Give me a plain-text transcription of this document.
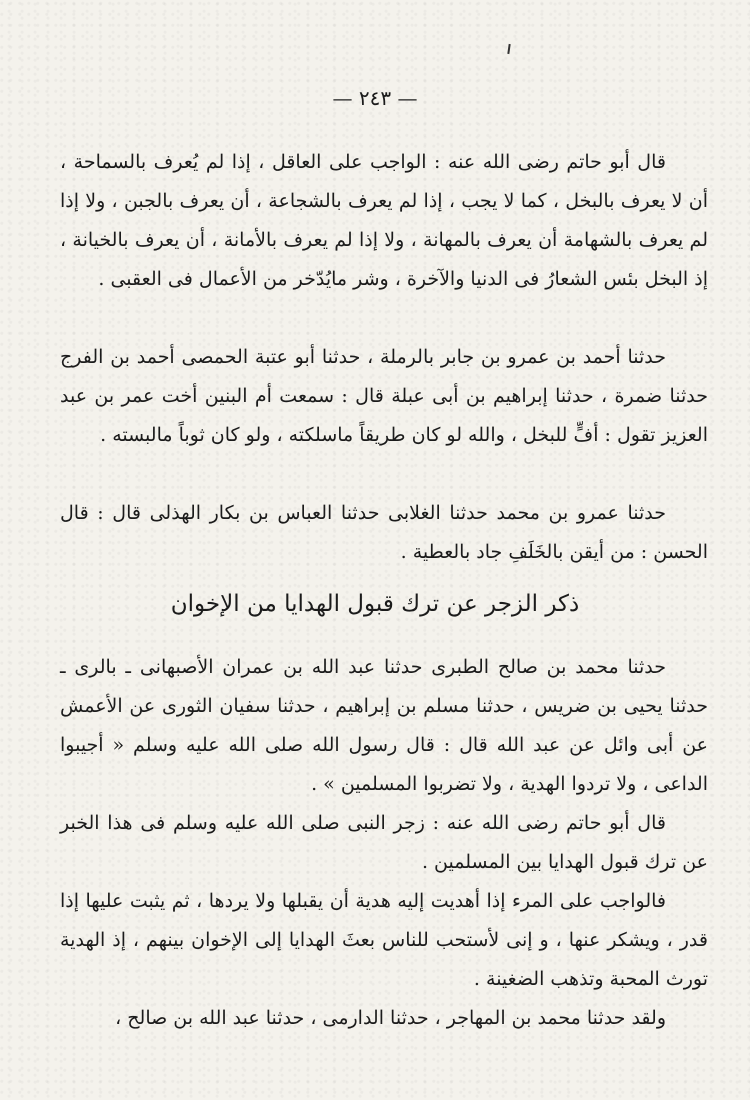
— ٢٤٣ —

قال أبو حاتم رضى الله عنه : الواجب على العاقل ، إذا لم يُعرف بالسماحة ، أن لا يعرف بالبخل ، كما لا يجب ، إذا لم يعرف بالشجاعة ، أن يعرف بالجبن ، ولا إذا لم يعرف بالشهامة أن يعرف بالمهانة ، ولا إذا لم يعرف بالأمانة ، أن يعرف بالخيانة ، إذ البخل بئس الشعارُ فى الدنيا والآخرة ، وشر مايُدّخر من الأعمال فى العقبى .

حدثنا أحمد بن عمرو بن جابر بالرملة ، حدثنا أبو عتبة الحمصى أحمد بن الفرج حدثنا ضمرة ، حدثنا إبراهيم بن أبى عبلة قال : سمعت أم البنين أخت عمر بن عبد العزيز تقول : أفٍّ للبخل ، والله لو كان طريقاً ماسلكته ، ولو كان ثوباً مالبسته .

حدثنا عمرو بن محمد حدثنا الغلابى حدثنا العباس بن بكار الهذلى قال : قال الحسن : من أيقن بالخَلَفِ جاد بالعطية .

ذكر الزجر عن ترك قبول الهدايا من الإخوان

حدثنا محمد بن صالح الطبرى حدثنا عبد الله بن عمران الأصبهانى ـ بالرى ـ حدثنا يحيى بن ضريس ، حدثنا مسلم بن إبراهيم ، حدثنا سفيان الثورى عن الأعمش عن أبى وائل عن عبد الله قال : قال رسول الله صلى الله عليه وسلم « أجيبوا الداعى ، ولا تردوا الهدية ، ولا تضربوا المسلمين » .

قال أبو حاتم رضى الله عنه : زجر النبى صلى الله عليه وسلم فى هذا الخبر عن ترك قبول الهدايا بين المسلمين .

فالواجب على المرء إذا أهديت إليه هدية أن يقبلها ولا يردها ، ثم يثبت عليها إذا قدر ، ويشكر عنها ، و إنى لأستحب للناس بعثَ الهدايا إلى الإخوان بينهم ، إذ الهدية تورث المحبة وتذهب الضغينة .

ولقد حدثنا محمد بن المهاجر ، حدثنا الدارمى ، حدثنا عبد الله بن صالح ،
